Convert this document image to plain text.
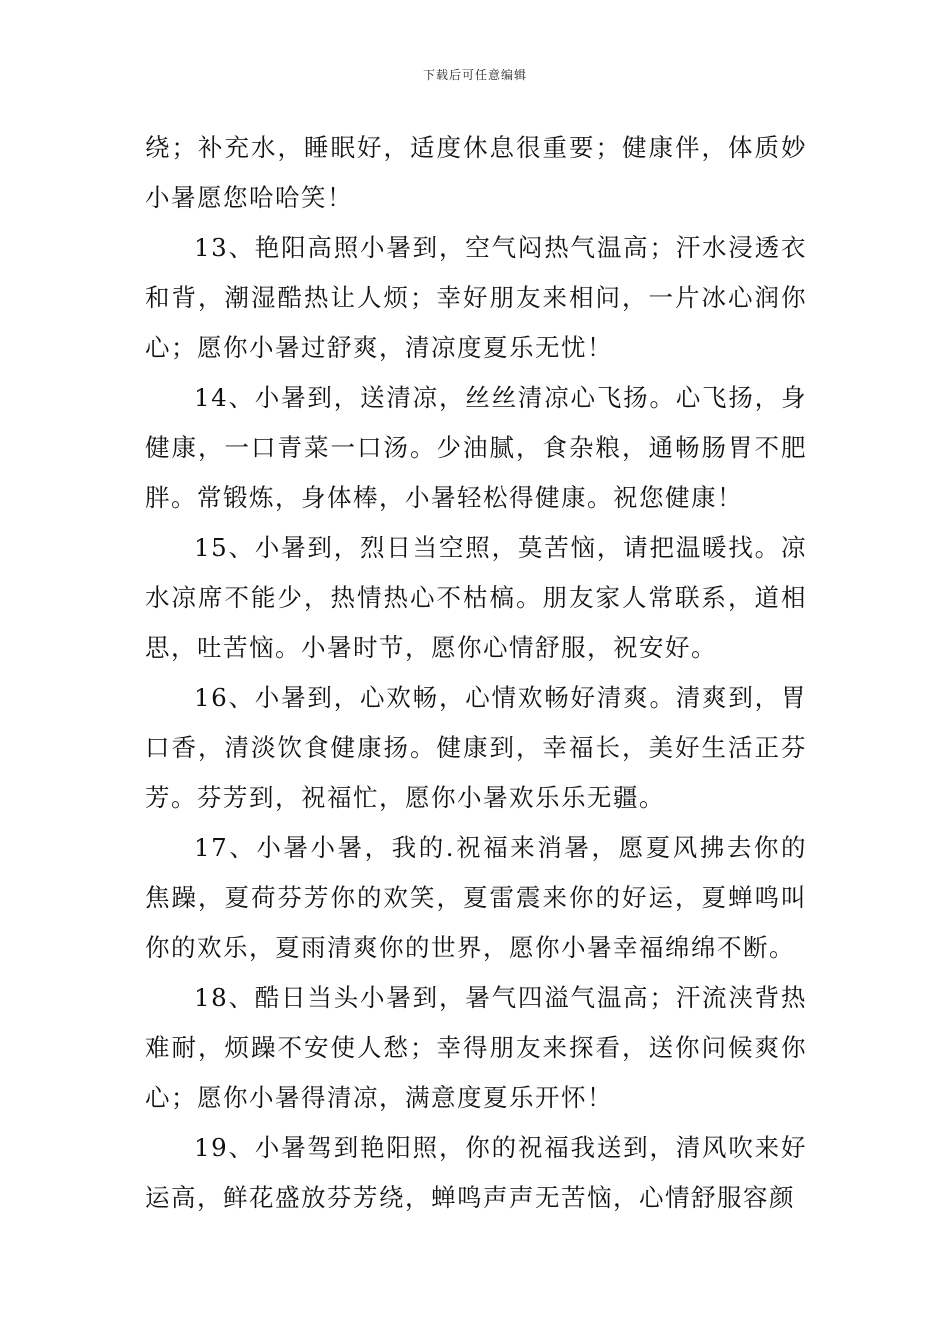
下载后可任意编辑

绕；补充水，睡眠好，适度休息很重要；健康伴，体质妙小暑愿您哈哈笑！

13、艳阳高照小暑到，空气闷热气温高；汗水浸透衣和背，潮湿酷热让人烦；幸好朋友来相问，一片冰心润你心；愿你小暑过舒爽，清凉度夏乐无忧！

14、小暑到，送清凉，丝丝清凉心飞扬。心飞扬，身健康，一口青菜一口汤。少油腻，食杂粮，通畅肠胃不肥胖。常锻炼，身体棒，小暑轻松得健康。祝您健康！

15、小暑到，烈日当空照，莫苦恼，请把温暖找。凉水凉席不能少，热情热心不枯槁。朋友家人常联系，道相思，吐苦恼。小暑时节，愿你心情舒服，祝安好。

16、小暑到，心欢畅，心情欢畅好清爽。清爽到，胃口香，清淡饮食健康扬。健康到，幸福长，美好生活正芬芳。芬芳到，祝福忙，愿你小暑欢乐乐无疆。

17、小暑小暑，我的.祝福来消暑，愿夏风拂去你的焦躁，夏荷芬芳你的欢笑，夏雷震来你的好运，夏蝉鸣叫你的欢乐，夏雨清爽你的世界，愿你小暑幸福绵绵不断。

18、酷日当头小暑到，暑气四溢气温高；汗流浃背热难耐，烦躁不安使人愁；幸得朋友来探看，送你问候爽你心；愿你小暑得清凉，满意度夏乐开怀！

19、小暑驾到艳阳照，你的祝福我送到，清风吹来好运高，鲜花盛放芬芳绕，蝉鸣声声无苦恼，心情舒服容颜
